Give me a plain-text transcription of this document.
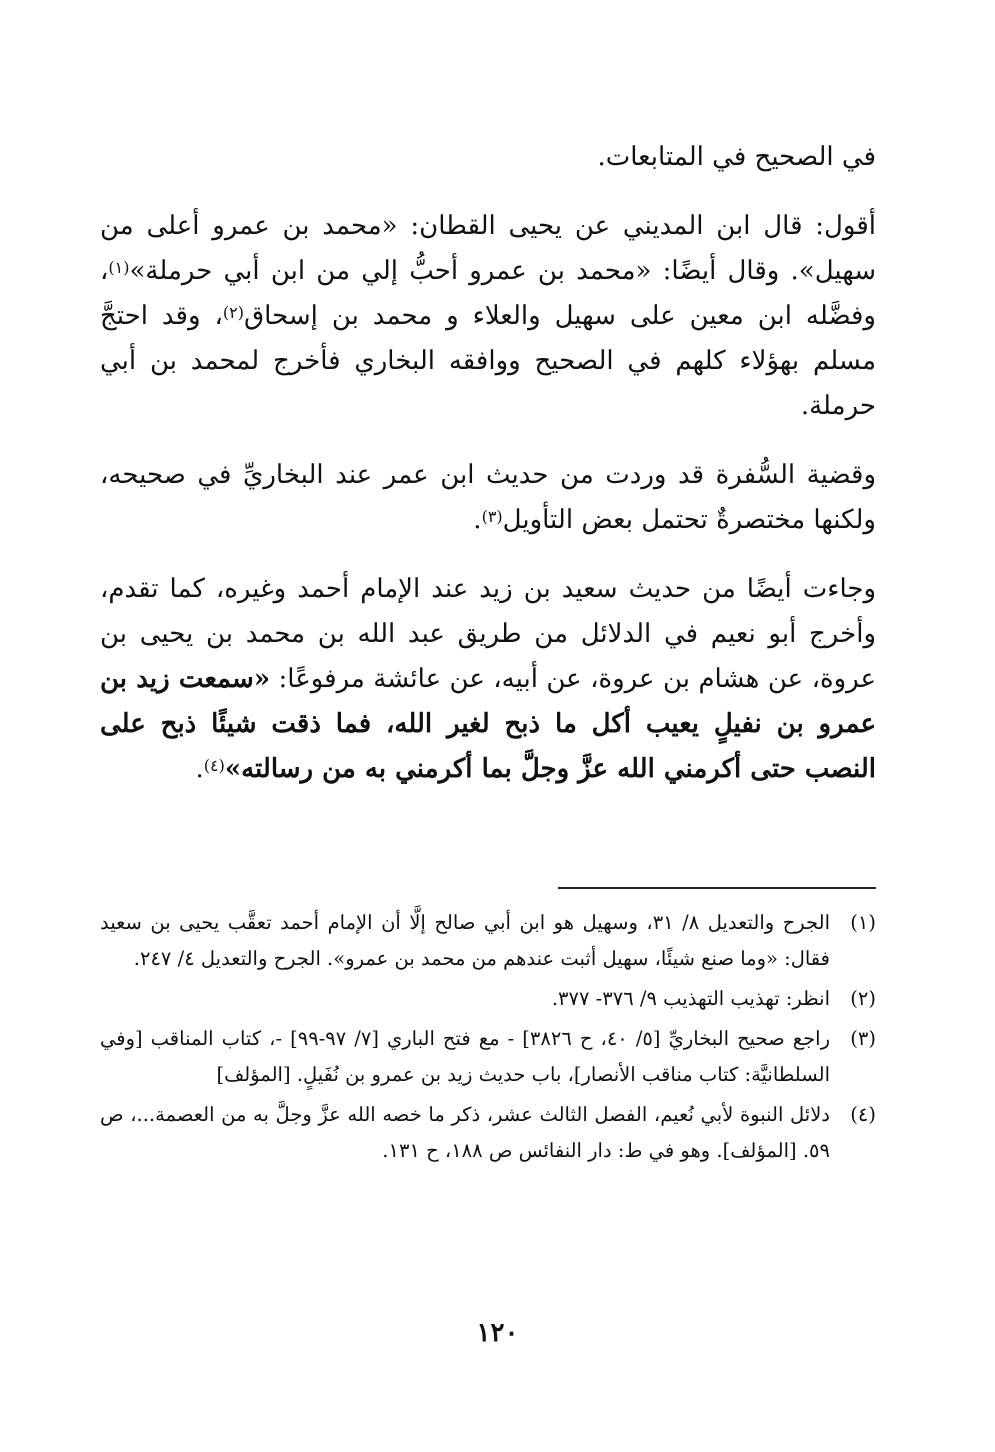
في الصحيح في المتابعات.

أقول: قال ابن المديني عن يحيى القطان: «محمد بن عمرو أعلى من سهيل». وقال أيضًا: «محمد بن عمرو أحبُّ إلي من ابن أبي حرملة»$^{(١)}$، وفضَّله ابن معين على سهيل والعلاء و محمد بن إسحاق$^{(٢)}$، وقد احتجَّ مسلم بهؤلاء كلهم في الصحيح ووافقه البخاري فأخرج لمحمد بن أبي حرملة.

وقضية السُّفرة قد وردت من حديث ابن عمر عند البخاريِّ في صحيحه، ولكنها مختصرةٌ تحتمل بعض التأويل$^{(٣)}$.

وجاءت أيضًا من حديث سعيد بن زيد عند الإمام أحمد وغيره، كما تقدم، وأخرج أبو نعيم في الدلائل من طريق عبد الله بن محمد بن يحيى بن عروة، عن هشام بن عروة، عن أبيه، عن عائشة مرفوعًا: «سمعت زيد بن عمرو بن نفيلٍ يعيب أكل ما ذبح لغير الله، فما ذقت شيئًا ذبح على النصب حتى أكرمني الله عزَّ وجلَّ بما أكرمني به من رسالته»$^{(٤)}$.

(١)
الجرح والتعديل ٨/ ٣١، وسهيل هو ابن أبي صالح إلَّا أن الإمام أحمد تعقَّب يحيى بن سعيد فقال: «وما صنع شيئًا، سهيل أثبت عندهم من محمد بن عمرو». الجرح والتعديل ٤/ ٢٤٧.
(٢)
انظر: تهذيب التهذيب ٩/ ٣٧٦- ٣٧٧.
(٣)
راجع صحيح البخاريِّ [٥/ ٤٠، ح ٣٨٢٦] - مع فتح الباري [٧/ ٩٧-٩٩] -، كتاب المناقب [وفي السلطانيَّة: كتاب مناقب الأنصار]، باب حديث زيد بن عمرو بن نُفَيلٍ. [المؤلف]
(٤)
دلائل النبوة لأبي نُعيم، الفصل الثالث عشر، ذكر ما خصه الله عزَّ وجلَّ به من العصمة...، ص ٥٩. [المؤلف]. وهو في ط: دار النفائس ص ١٨٨، ح ١٣١.
١٢٠
